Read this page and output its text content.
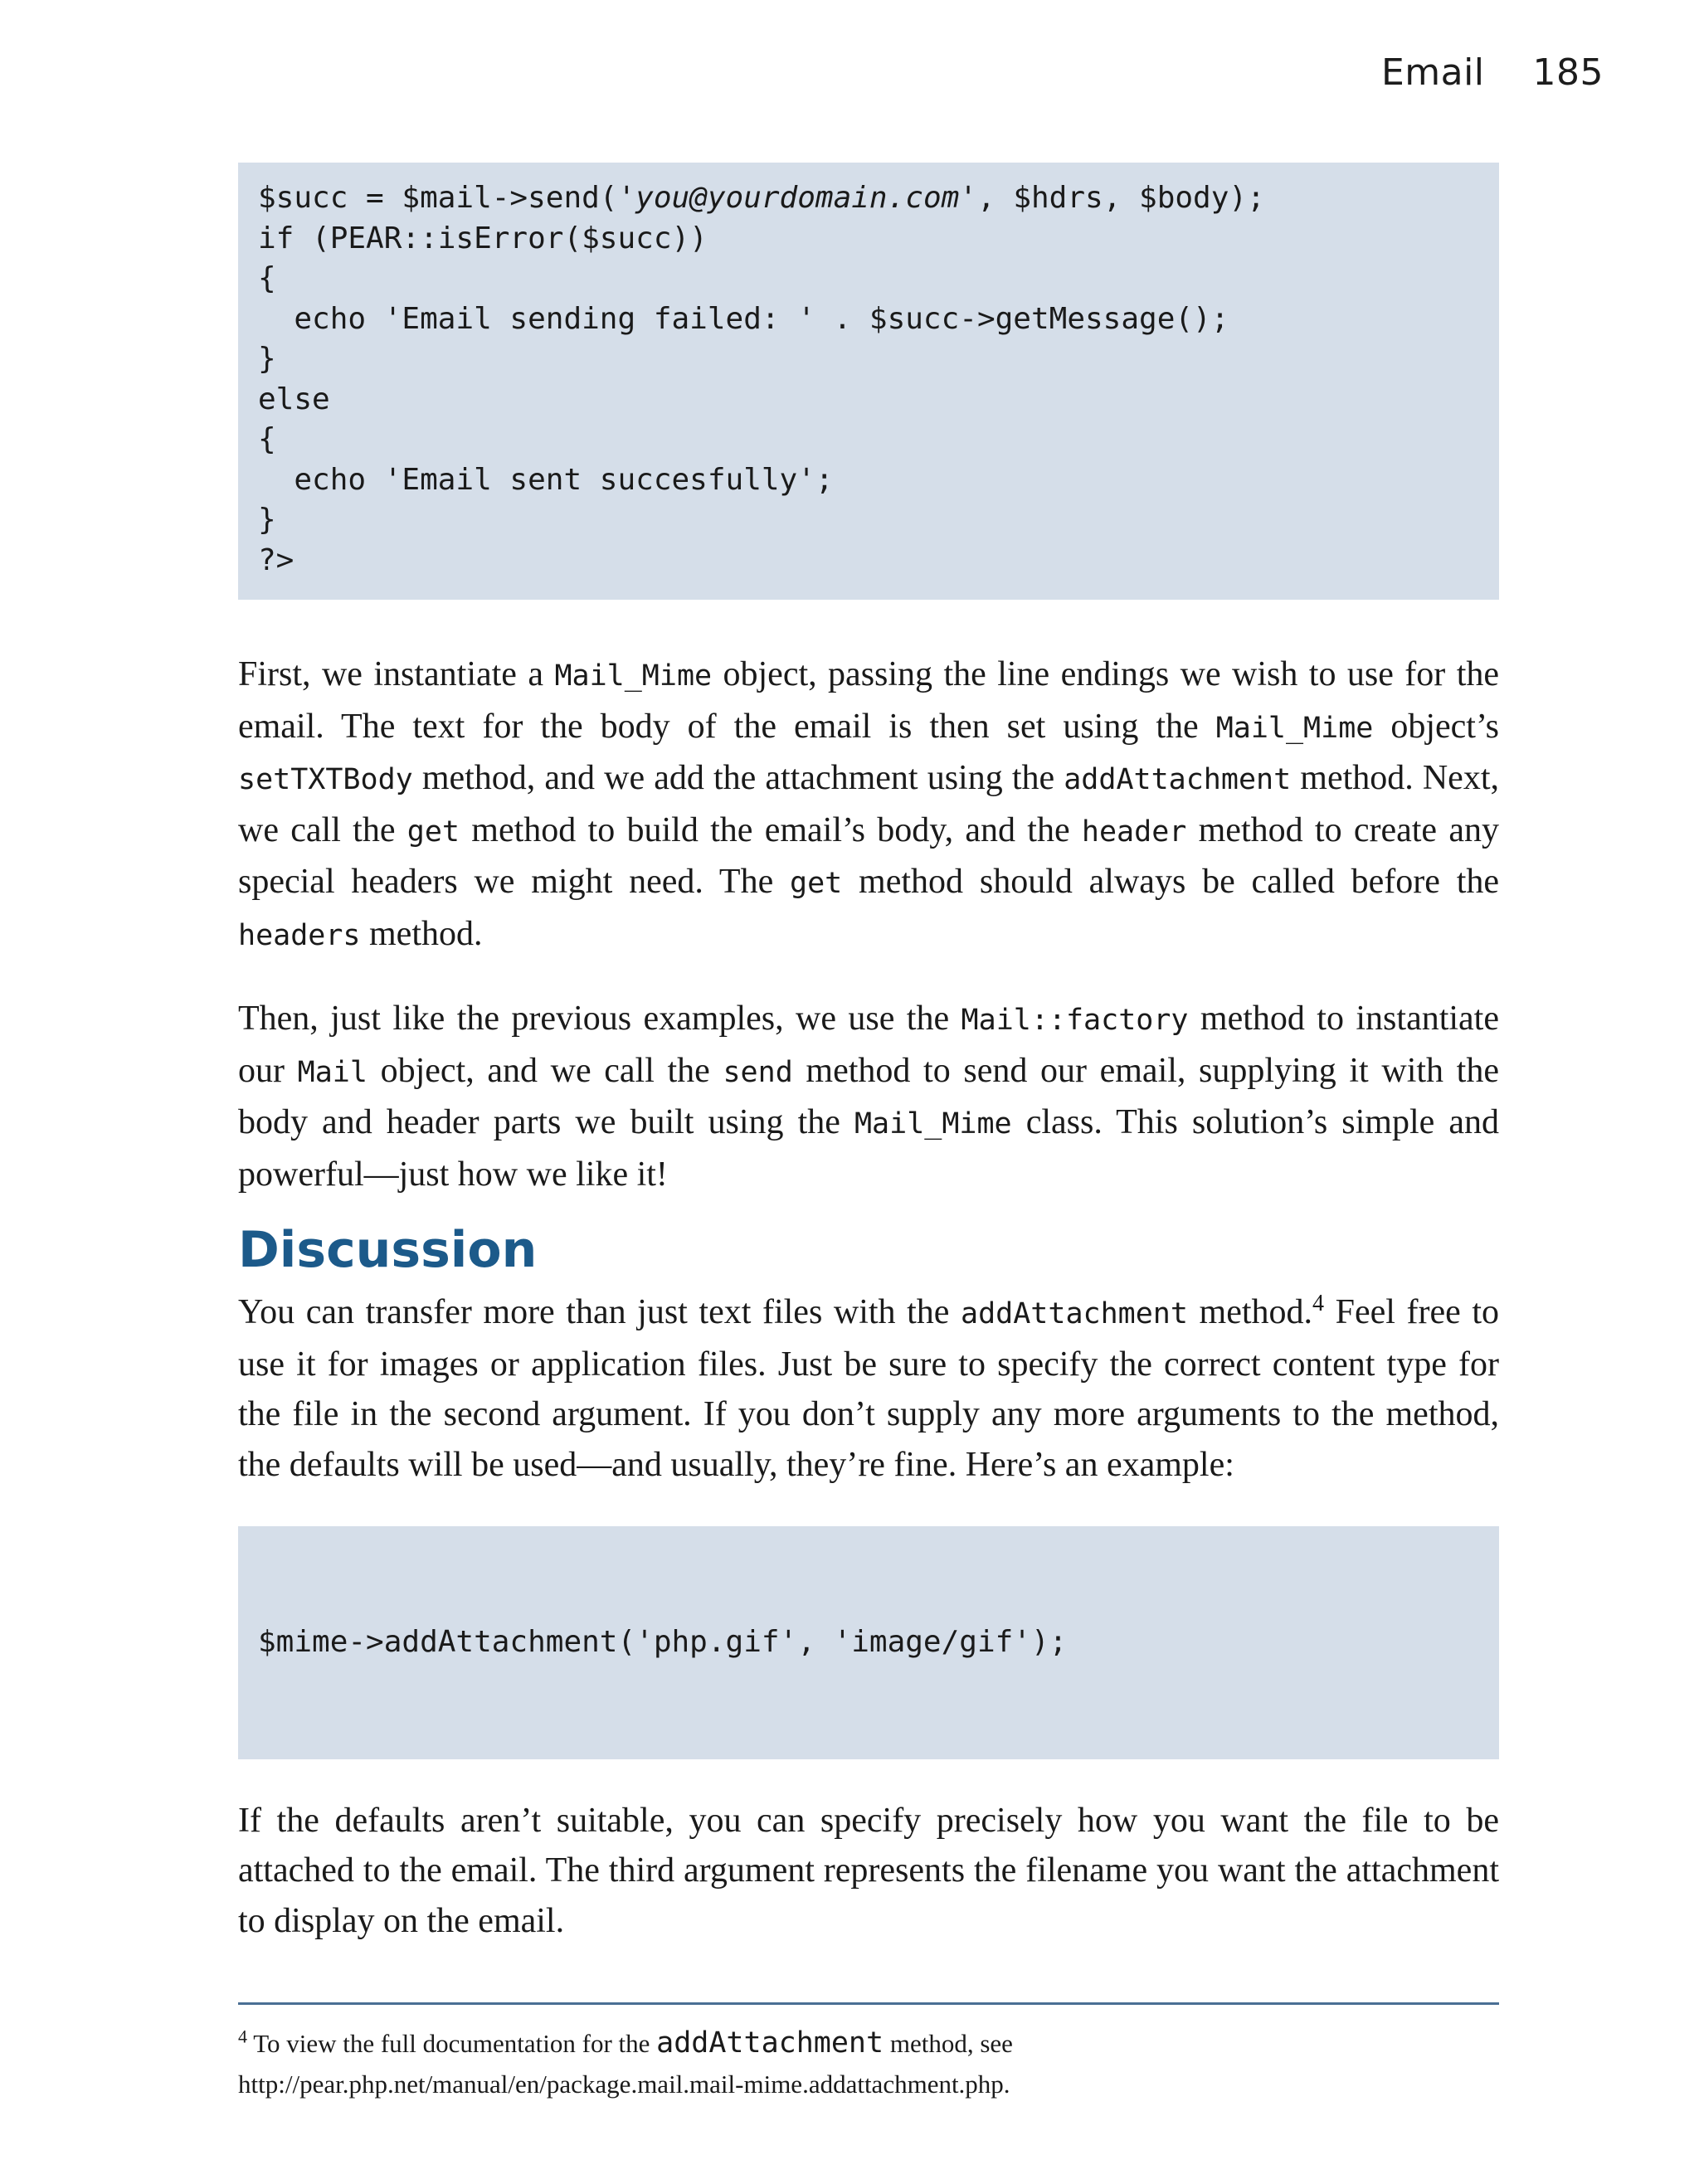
Email 185
$succ = $mail->send('you@yourdomain.com', $hdrs, $body);
if (PEAR::isError($succ))
{
echo 'Email sending failed: ' . $succ->getMessage();
}
else
{
echo 'Email sent succesfully';
}
?>

First, we instantiate a Mail_Mime object, passing the line endings we wish to use for the email. The text for the body of the email is then set using the Mail_Mime object’s setTXTBody method, and we add the attachment using the addAttachment method. Next, we call the get method to build the email’s body, and the header method to create any special headers we might need. The get method should always be called before the headers method.

Then, just like the previous examples, we use the Mail::factory method to instantiate our Mail object, and we call the send method to send our email, supplying it with the body and header parts we built using the Mail_Mime class. This solution’s simple and powerful—just how we like it!

Discussion

You can transfer more than just text files with the addAttachment method.$^4$ Feel free to use it for images or application files. Just be sure to specify the correct content type for the file in the second argument. If you don’t supply any more arguments to the method, the defaults will be used—and usually, they’re fine. Here’s an example:

$mime->addAttachment('php.gif', 'image/gif');

If the defaults aren’t suitable, you can specify precisely how you want the file to be attached to the email. The third argument represents the filename you want the attachment to display on the email.

$^4$ To view the full documentation for the addAttachment method, see
http://pear.php.net/manual/en/package.mail.mail-mime.addattachment.php.
